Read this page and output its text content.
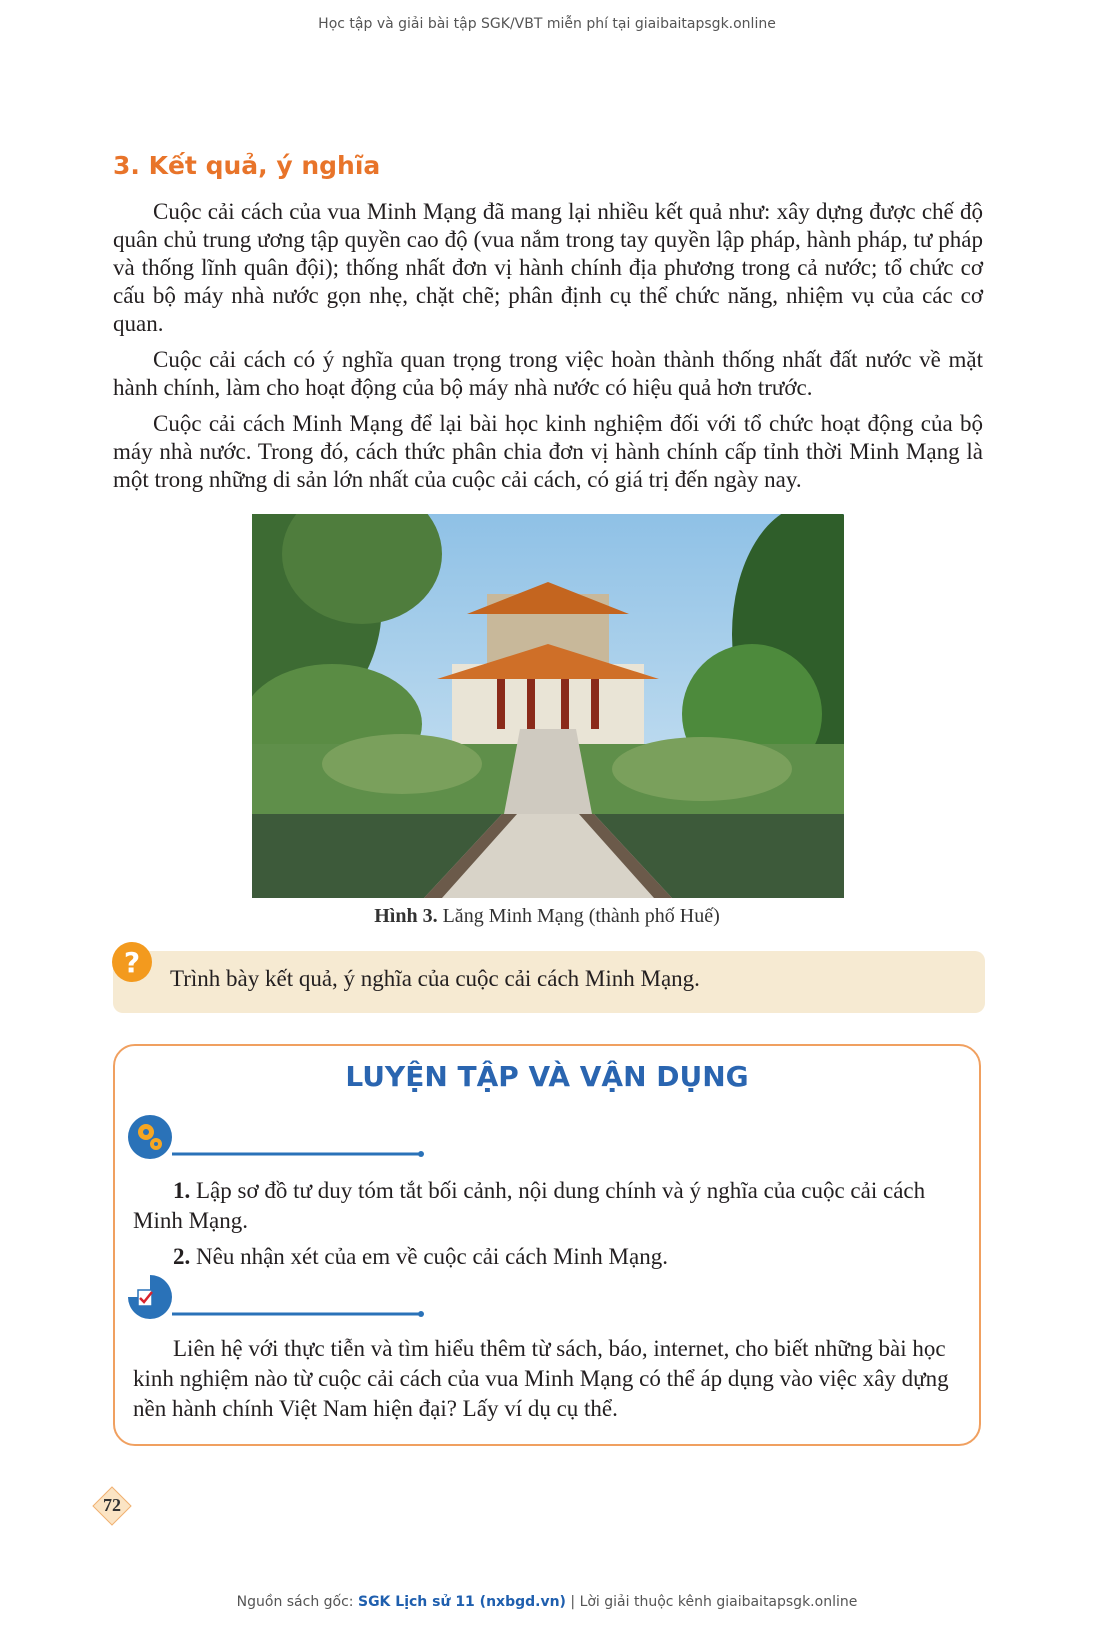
Học tập và giải bài tập SGK/VBT miễn phí tại giaibaitapsgk.online
3. Kết quả, ý nghĩa

Cuộc cải cách của vua Minh Mạng đã mang lại nhiều kết quả như: xây dựng được chế độ quân chủ trung ương tập quyền cao độ (vua nắm trong tay quyền lập pháp, hành pháp, tư pháp và thống lĩnh quân đội); thống nhất đơn vị hành chính địa phương trong cả nước; tổ chức cơ cấu bộ máy nhà nước gọn nhẹ, chặt chẽ; phân định cụ thể chức năng, nhiệm vụ của các cơ quan.

Cuộc cải cách có ý nghĩa quan trọng trong việc hoàn thành thống nhất đất nước về mặt hành chính, làm cho hoạt động của bộ máy nhà nước có hiệu quả hơn trước.

Cuộc cải cách Minh Mạng để lại bài học kinh nghiệm đối với tổ chức hoạt động của bộ máy nhà nước. Trong đó, cách thức phân chia đơn vị hành chính cấp tỉnh thời Minh Mạng là một trong những di sản lớn nhất của cuộc cải cách, có giá trị đến ngày nay.

Hình 3. Lăng Minh Mạng (thành phố Huế)
? Trình bày kết quả, ý nghĩa của cuộc cải cách Minh Mạng.
LUYỆN TẬP VÀ VẬN DỤNG

1. Lập sơ đồ tư duy tóm tắt bối cảnh, nội dung chính và ý nghĩa của cuộc cải cách Minh Mạng.

2. Nêu nhận xét của em về cuộc cải cách Minh Mạng.

Liên hệ với thực tiễn và tìm hiểu thêm từ sách, báo, internet, cho biết những bài học kinh nghiệm nào từ cuộc cải cách của vua Minh Mạng có thể áp dụng vào việc xây dựng nền hành chính Việt Nam hiện đại? Lấy ví dụ cụ thể.

72
Nguồn sách gốc: SGK Lịch sử 11 (nxbgd.vn) | Lời giải thuộc kênh giaibaitapsgk.online
